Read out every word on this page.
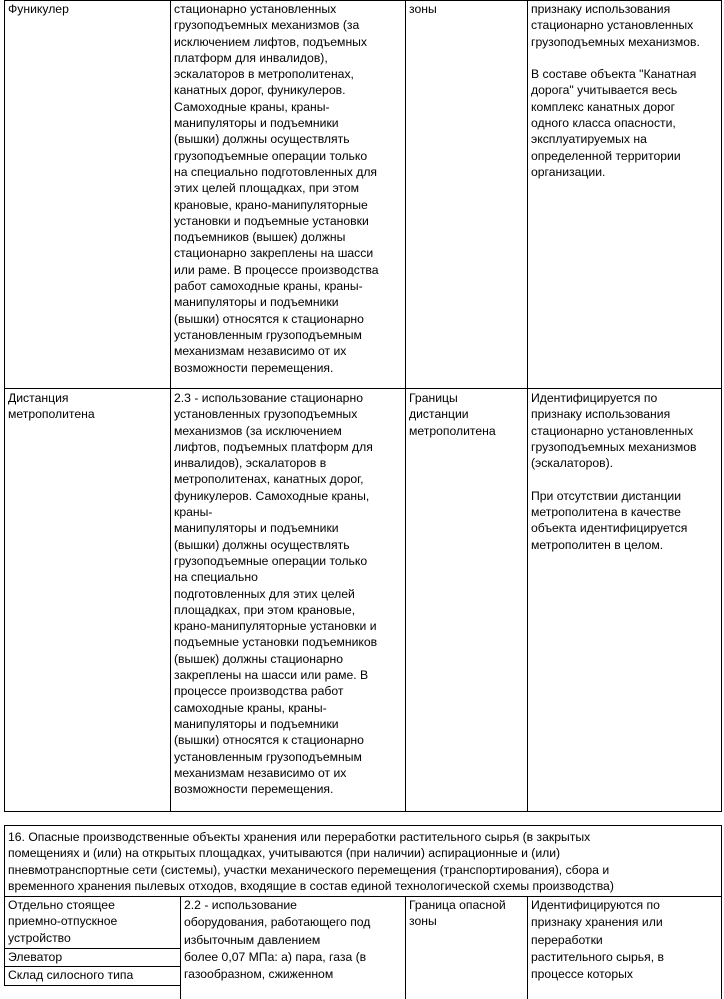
Фуникулер	стационарно установленных
грузоподъемных механизмов (за
исключением лифтов, подъемных
платформ для инвалидов),
эскалаторов в метрополитенах,
канатных дорог, фуникулеров.
Самоходные краны, краны-
манипуляторы и подъемники
(вышки) должны осуществлять
грузоподъемные операции только
на специально подготовленных для
этих целей площадках, при этом
крановые, крано-манипуляторные
установки и подъемные установки
подъемников (вышек) должны
стационарно закреплены на шасси
или раме. В процессе производства
работ самоходные краны, краны-
манипуляторы и подъемники
(вышки) относятся к стационарно
установленным грузоподъемным
механизмам независимо от их
возможности перемещения.
зоны	признаку использования
стационарно установленных
грузоподъемных механизмов.

В составе объекта "Канатная
дорога" учитывается весь
комплекс канатных дорог
одного класса опасности,
эксплуатируемых на
определенной территории
организации.
Дистанция
метрополитена
2.3 - использование стационарно
установленных грузоподъемных
механизмов (за исключением
лифтов, подъемных платформ для
инвалидов), эскалаторов в
метрополитенах, канатных дорог,
фуникулеров. Самоходные краны,
краны-
манипуляторы и подъемники
(вышки) должны осуществлять
грузоподъемные операции только
на специально
подготовленных для этих целей
площадках, при этом крановые,
крано-манипуляторные установки и
подъемные установки подъемников
(вышек) должны стационарно
закреплены на шасси или раме. В
процессе производства работ
самоходные краны, краны-
манипуляторы и подъемники
(вышки) относятся к стационарно
установленным грузоподъемным
механизмам независимо от их
возможности перемещения.
Границы
дистанции
метрополитена
Идентифицируется по
признаку использования
стационарно установленных
грузоподъемных механизмов
(эскалаторов).

При отсутствии дистанции
метрополитена в качестве
объекта идентифицируется
метрополитен в целом.
16. Опасные производственные объекты хранения или переработки растительного сырья (в закрытых
помещениях и (или) на открытых площадках, учитываются (при наличии) аспирационные и (или)
пневмотранспортные сети (системы), участки механического перемещения (транспортирования), сбора и
временного хранения пылевых отходов, входящие в состав единой технологической схемы производства)
Отдельно стоящее
приемно-отпускное
устройство
Элеватор
Склад силосного типа
2.2 - использование
оборудования, работающего под
избыточным давлением
более 0,07 МПа: а) пара, газа (в
газообразном, сжиженном
Граница опасной
зоны
Идентифицируются по
признаку хранения или
переработки
растительного сырья, в
процессе которых
